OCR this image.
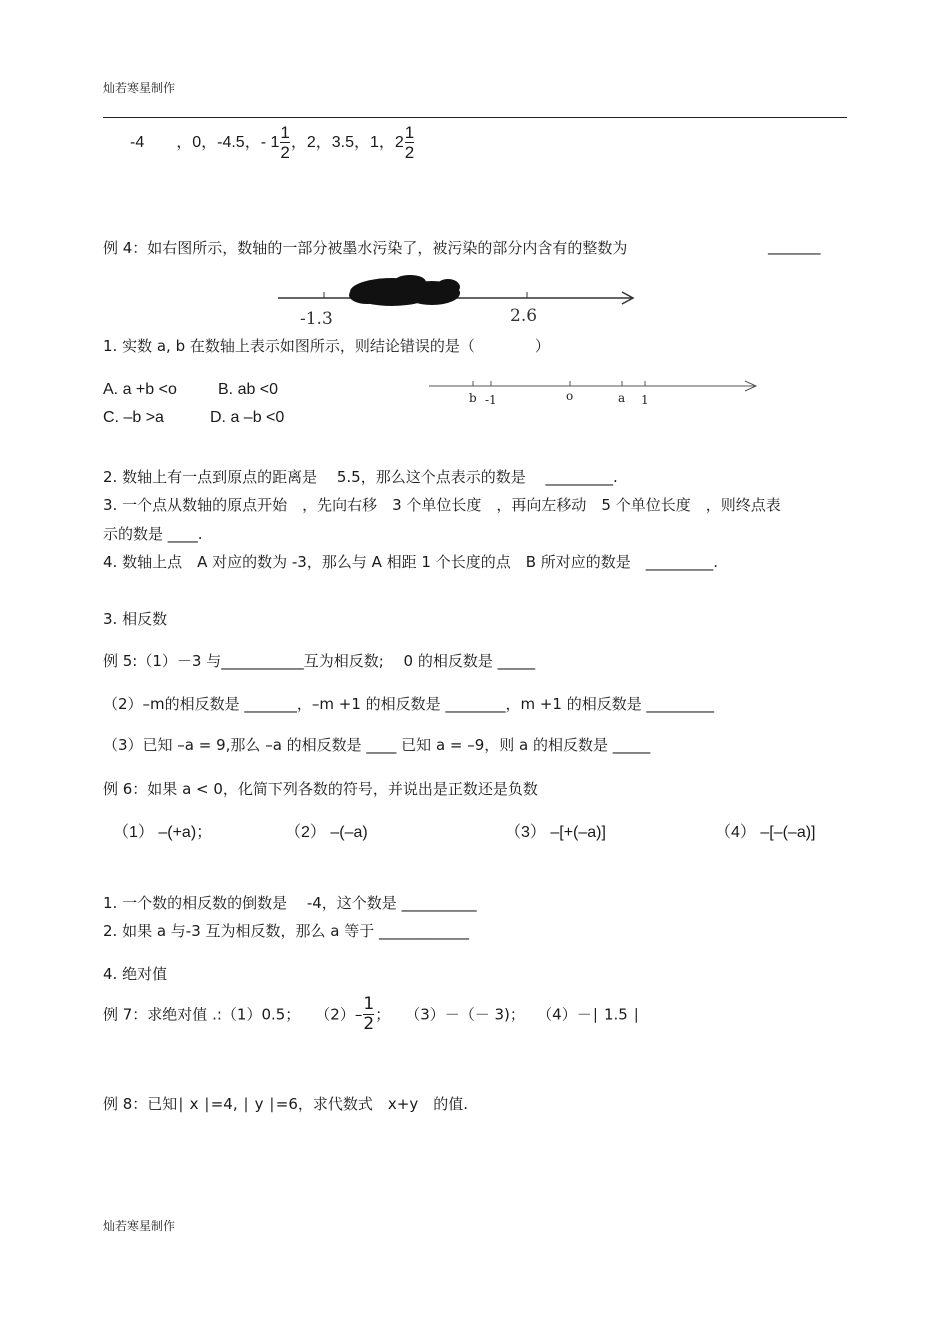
灿若寒星制作
-4　　，0，-4.5，- $1 \frac{1}{2}$ ，2，3.5，1，$2 \frac{1}{2}$
例 4：如右图所示，数轴的一部分被墨水污染了，被污染的部分内含有的整数为	_______
-1.3	2.6
1. 实数 a, b 在数轴上表示如图所示，则结论错误的是（　　　　）
A. a +b <o	B. ab <0
C. –b >a	D. a –b <0
b -1	o	a 1
2. 数轴上有一点到原点的距离是　 5.5，那么这个点表示的数是　 _________.
3. 一个点从数轴的原点开始　，先向右移　3 个单位长度　，再向左移动　5 个单位长度　，则终点表
示的数是 ____.
4. 数轴上点　A 对应的数为 -3，那么与 A 相距 1 个长度的点　B 所对应的数是　_________.
3. 相反数
例 5:（1）－3 与___________互为相反数;　 0 的相反数是 _____
（2）–m的相反数是 _______，–m +1 的相反数是 ________，m +1 的相反数是 _________
（3）已知 –a = 9,那么 –a 的相反数是 ____ 已知 a = –9，则 a 的相反数是 _____
例 6：如果 a < 0，化简下列各数的符号，并说出是正数还是负数
（1） –(+a)；	（2） –(–a)	（3） –[+(–a)]	（4） –[–(–a)]
1. 一个数的相反数的倒数是　 -4，这个数是 __________
2. 如果 a 与-3 互为相反数，那么 a 等于 ____________
4. 绝对值
例 7：求绝对值 .:（1）0.5；　　$(2)- \frac{1}{2}$ ；　　（3）－（－ 3)；　 （4）－∣ 1.5 ∣
例 8：已知∣ x ∣=4, ∣ y ∣=6，求代数式　x+y　的值.
灿若寒星制作
